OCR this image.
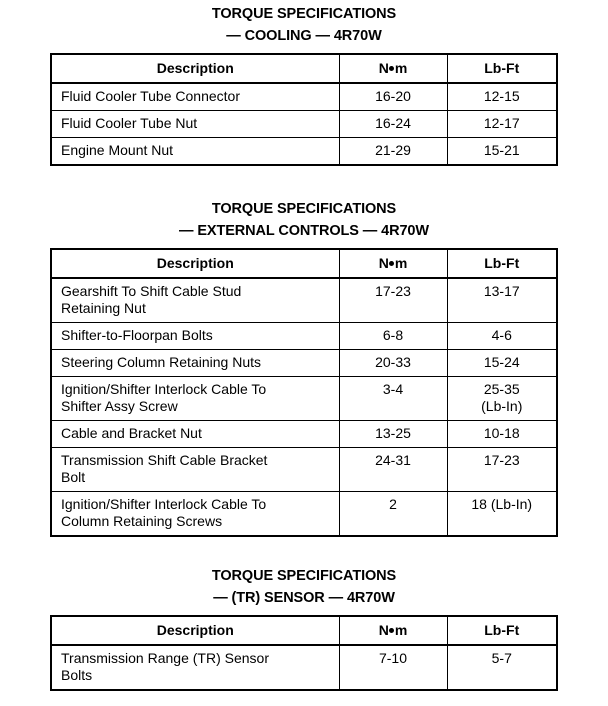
TORQUE SPECIFICATIONS
— COOLING — 4R70W
Description	N m	Lb-Ft
Fluid Cooler Tube Connector	16-20	12-15
Fluid Cooler Tube Nut	16-24	12-17
Engine Mount Nut	21-29	15-21
TORQUE SPECIFICATIONS
— EXTERNAL CONTROLS — 4R70W
Description	N m	Lb-Ft
Gearshift To Shift Cable Stud
Retaining Nut	17-23	13-17
Shifter-to-Floorpan Bolts	6-8	4-6
Steering Column Retaining Nuts	20-33	15-24
Ignition/Shifter Interlock Cable To
Shifter Assy Screw	3-4	25-35
(Lb-In)

Cable and Bracket Nut	13-25	10-18
Transmission Shift Cable Bracket
Bolt	24-31	17-23
Ignition/Shifter Interlock Cable To
Column Retaining Screws	2	18 (Lb-In)
TORQUE SPECIFICATIONS
— (TR) SENSOR — 4R70W
Description	N m	Lb-Ft
Transmission Range (TR) Sensor
Bolts	7-10	5-7
